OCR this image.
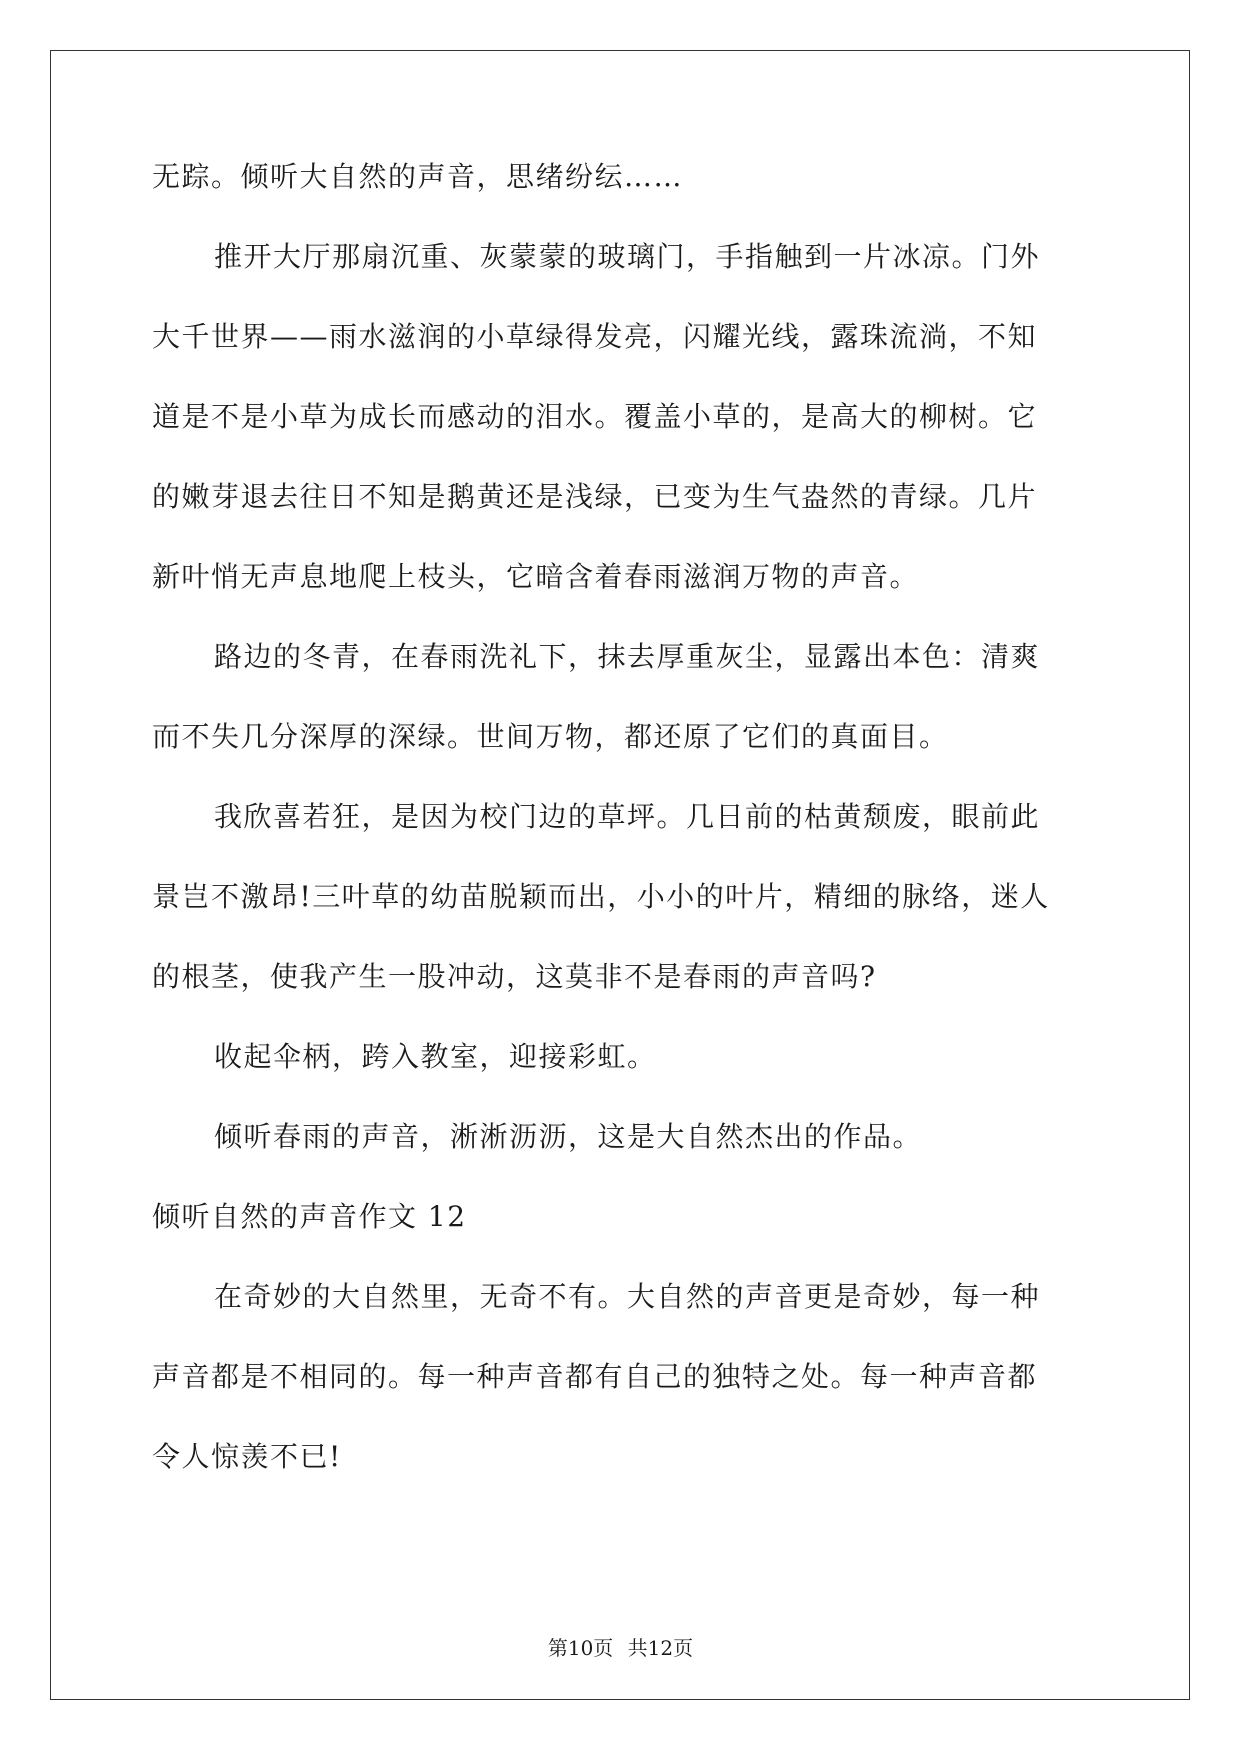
无踪。倾听大自然的声音，思绪纷纭……

推开大厅那扇沉重、灰蒙蒙的玻璃门，手指触到一片冰凉。门外

大千世界——雨水滋润的小草绿得发亮，闪耀光线，露珠流淌，不知

道是不是小草为成长而感动的泪水。覆盖小草的，是高大的柳树。它

的嫩芽退去往日不知是鹅黄还是浅绿，已变为生气盎然的青绿。几片

新叶悄无声息地爬上枝头，它暗含着春雨滋润万物的声音。

路边的冬青，在春雨洗礼下，抹去厚重灰尘，显露出本色：清爽

而不失几分深厚的深绿。世间万物，都还原了它们的真面目。

我欣喜若狂，是因为校门边的草坪。几日前的枯黄颓废，眼前此

景岂不激昂!三叶草的幼苗脱颖而出，小小的叶片，精细的脉络，迷人

的根茎，使我产生一股冲动，这莫非不是春雨的声音吗?

收起伞柄，跨入教室，迎接彩虹。

倾听春雨的声音，淅淅沥沥，这是大自然杰出的作品。

倾听自然的声音作文 12

在奇妙的大自然里，无奇不有。大自然的声音更是奇妙，每一种

声音都是不相同的。每一种声音都有自己的独特之处。每一种声音都

令人惊羡不已!

第10页 共12页
